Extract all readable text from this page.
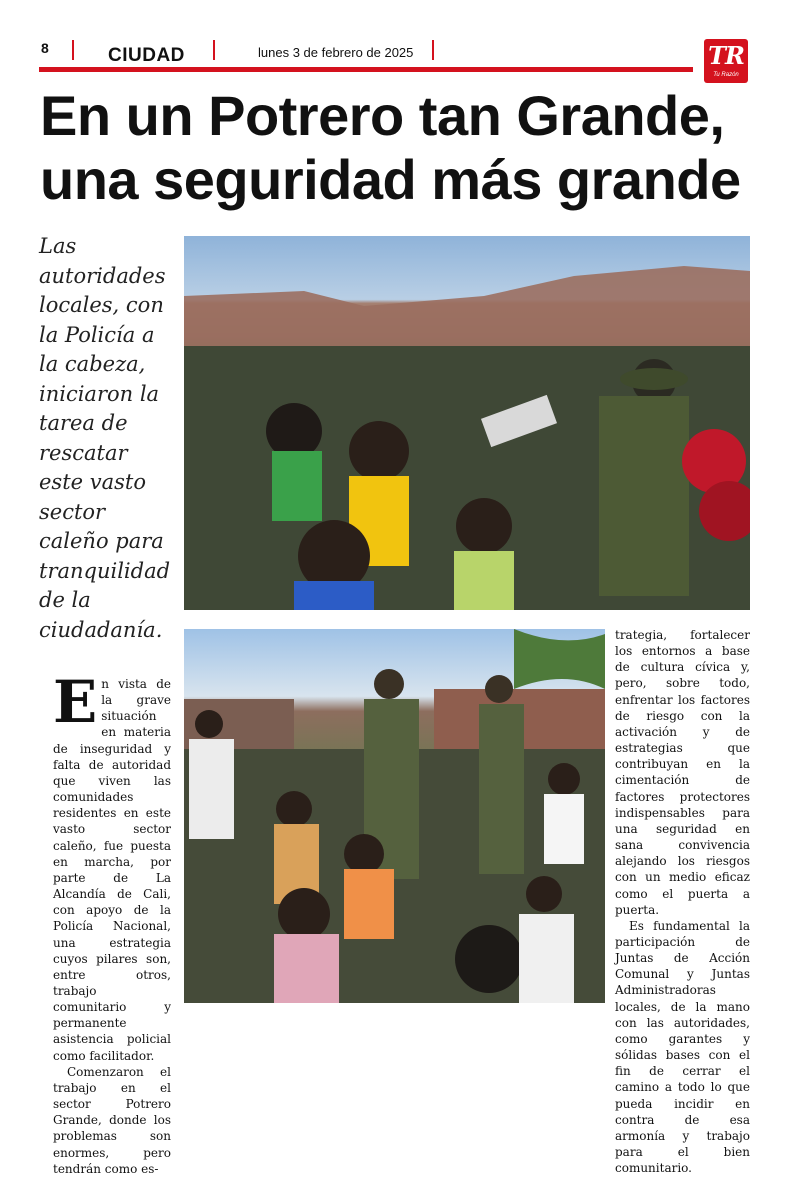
8	CIUDAD	lunes 3 de febrero de 2025	TR
Tu Razón
En un Potrero tan Grande, una seguridad más grande

Las autoridades locales, con la Policía a la cabeza, iniciaron la tarea de rescatar este vasto sector caleño para tranquilidad de la ciudadanía.

E n vista de la grave situación en materia de inseguridad y falta de autoridad que viven las comunidades residentes en este vasto sector caleño, fue puesta en marcha, por parte de La Alcandía de Cali, con apoyo de la Policía Nacional, una estrategia cuyos pilares son, entre otros, trabajo comunitario y permanente asistencia policial como facilitador.

Comenzaron el trabajo en el sector Potrero Grande, donde los problemas son enormes, pero tendrán como es-

trategia, fortalecer los entornos a base de cultura cívica y, pero, sobre todo, enfrentar los factores de riesgo con la activación y de estrategias que contribuyan en la cimentación de factores protectores indispensables para una seguridad en sana convivencia alejando los riesgos con un medio eficaz como el puerta a puerta.

Es fundamental la participación de Juntas de Acción Comunal y Juntas Administradoras locales, de la mano con las autoridades, como garantes y sólidas bases con el fin de cerrar el camino a todo lo que pueda incidir en contra de esa armonía y trabajo para el bien comunitario.
